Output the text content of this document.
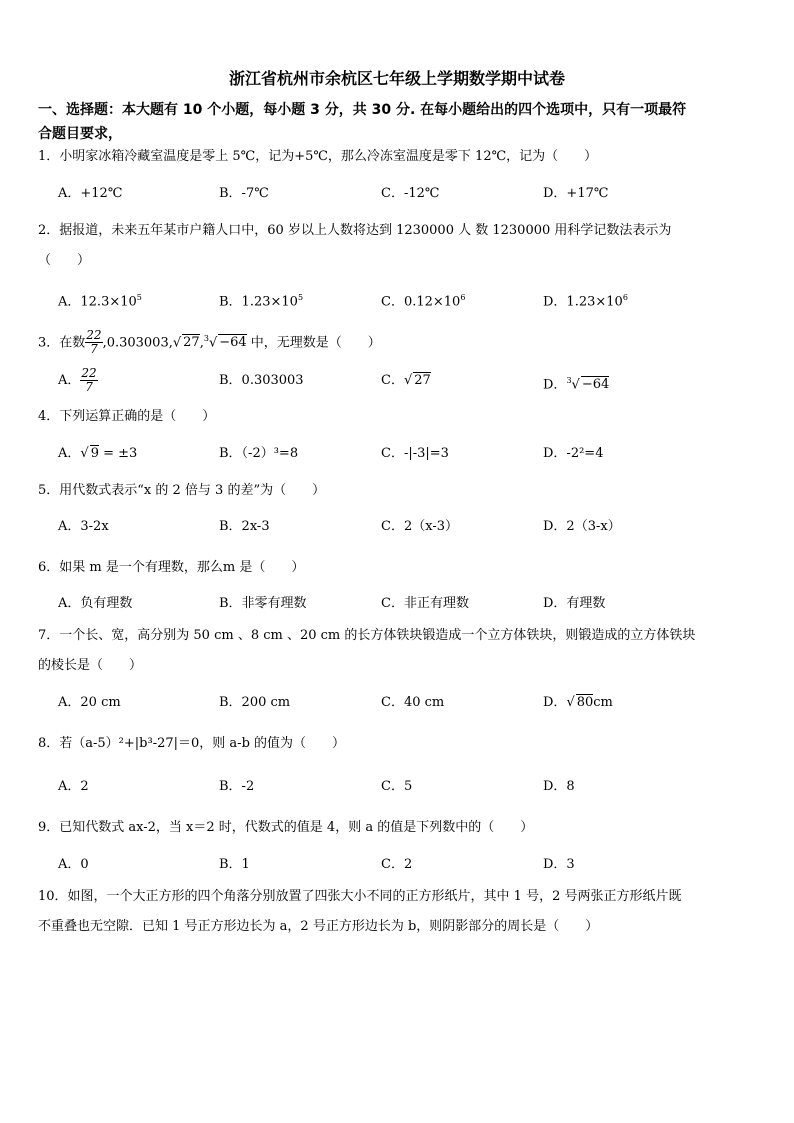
浙江省杭州市余杭区七年级上学期数学期中试卷
一、选择题：本大题有 10 个小题，每小题 3 分，共 30 分. 在每小题给出的四个选项中，只有一项最符
合题目要求，
1．小明家冰箱冷藏室温度是零上 5℃，记为+5℃，那么冷冻室温度是零下 12℃，记为（　　）
A．+12℃	B．-7℃	C．-12℃	D．+17℃
2．据报道，未来五年某市户籍人口中，60 岁以上人数将达到 1230000 人 数 1230000 用科学记数法表示为
（　　）
A．$12.3\times 10^5$	B．$1.23\times 10^5$	C．$0.12\times 10^6$	D．$1.23\times 10^6$
3．在数 $\frac{22}{7} ,0.303003,√$ 27,$^3$√ −64 中，无理数是（　　）
A． $\frac{22}{7}$	B．0.303003	C．√ 27	D．$^3$√ −64
4．下列运算正确的是（　　）
A．√ 9 = ±3	B．（-2）³=8	C．-|-3|=3	D．-2²=4
5．用代数式表示“x 的 2 倍与 3 的差”为（　　）
A．3-2x	B．2x-3	C．2（x-3）	D．2（3-x）
6．如果 m 是一个有理数，那么m 是（　　）
A．负有理数	B．非零有理数	C．非正有理数	D．有理数
7．一个长、宽，高分别为 50 cm 、8 cm 、20 cm 的长方体铁块锻造成一个立方体铁块，则锻造成的立方体铁块
的棱长是（　　）
A．20 cm	B．200 cm	C．40 cm	D．√ 80cm
8．若（a-5）²+|b³-27|＝0，则 a-b 的值为（　　）
A．2	B．-2	C．5	D．8
9．已知代数式 ax-2，当 x＝2 时，代数式的值是 4，则 a 的值是下列数中的（　　）
A．0	B．1	C．2	D．3
10．如图，一个大正方形的四个角落分别放置了四张大小不同的正方形纸片，其中 1 号，2 号两张正方形纸片既
不重叠也无空隙．已知 1 号正方形边长为 a，2 号正方形边长为 b，则阴影部分的周长是（　　）
